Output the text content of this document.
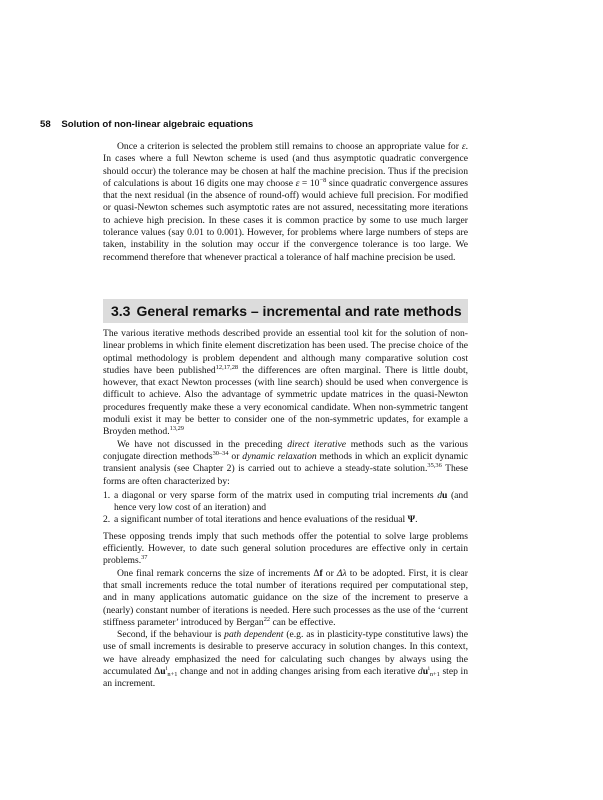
58 Solution of non-linear algebraic equations

Once a criterion is selected the problem still remains to choose an appropriate value for ε. In cases where a full Newton scheme is used (and thus asymptotic quadratic convergence should occur) the tolerance may be chosen at half the machine precision. Thus if the precision of calculations is about 16 digits one may choose $\varepsilon = 10^{-8}$ since quadratic convergence assures that the next residual (in the absence of round-off) would achieve full precision. For modified or quasi-Newton schemes such asymptotic rates are not assured, necessitating more iterations to achieve high precision. In these cases it is common practice by some to use much larger tolerance values (say 0.01 to 0.001). However, for problems where large numbers of steps are taken, instability in the solution may occur if the convergence tolerance is too large. We recommend therefore that whenever practical a tolerance of half machine precision be used.

3.3 General remarks – incremental and rate methods

The various iterative methods described provide an essential tool kit for the solution of non-linear problems in which finite element discretization has been used. The precise choice of the optimal methodology is problem dependent and although many comparative solution cost studies have been published$^{12,17,28}$ the differences are often marginal. There is little doubt, however, that exact Newton processes (with line search) should be used when convergence is difficult to achieve. Also the advantage of symmetric update matrices in the quasi-Newton procedures frequently make these a very economical candidate. When non-symmetric tangent moduli exist it may be better to consider one of the non-symmetric updates, for example a Broyden method.$^{13,29}$

We have not discussed in the preceding direct iterative methods such as the various conjugate direction methods$^{30-34}$ or dynamic relaxation methods in which an explicit dynamic transient analysis (see Chapter 2) is carried out to achieve a steady-state solution.$^{35,36}$ These forms are often characterized by:

1. a diagonal or very sparse form of the matrix used in computing trial increments du (and hence very low cost of an iteration) and
2. a significant number of total iterations and hence evaluations of the residual Ψ.

These opposing trends imply that such methods offer the potential to solve large problems efficiently. However, to date such general solution procedures are effective only in certain problems.$^{37}$

One final remark concerns the size of increments Δf or Δλ to be adopted. First, it is clear that small increments reduce the total number of iterations required per computational step, and in many applications automatic guidance on the size of the increment to preserve a (nearly) constant number of iterations is needed. Here such processes as the use of the ‘current stiffness parameter’ introduced by Bergan$^{22}$ can be effective.

Second, if the behaviour is path dependent (e.g. as in plasticity-type constitutive laws) the use of small increments is desirable to preserve accuracy in solution changes. In this context, we have already emphasized the need for calculating such changes by always using the accumulated $\Delta u^i_{n+1}$ change and not in adding changes arising from each iterative $du^i_{n+1}$ step in an increment.
